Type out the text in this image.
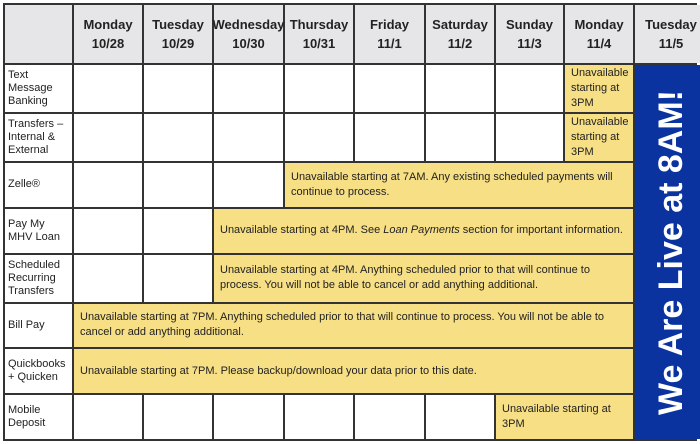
Monday
10/28
Tuesday
10/29
Wednesday
10/30
Thursday
10/31
Friday
11/1
Saturday
11/2
Sunday
11/3
Monday
11/4
Tuesday
11/5
Text Message Banking
Unavailable starting at 3PM
Transfers – Internal & External
Unavailable starting at 3PM
Zelle®
Unavailable starting at 7AM. Any existing scheduled payments will continue to process.
Pay My MHV Loan
Unavailable starting at 4PM. See Loan Payments section for important information.
Scheduled Recurring Transfers
Unavailable starting at 4PM. Anything scheduled prior to that will continue to process. You will not be able to cancel or add anything additional.
Bill Pay
Unavailable starting at 7PM. Anything scheduled prior to that will continue to process. You will not be able to cancel or add anything additional.
Quickbooks + Quicken
Unavailable starting at 7PM. Please backup/download your data prior to this date.
Mobile Deposit
Unavailable starting at 3PM
We Are Live at 8AM!
